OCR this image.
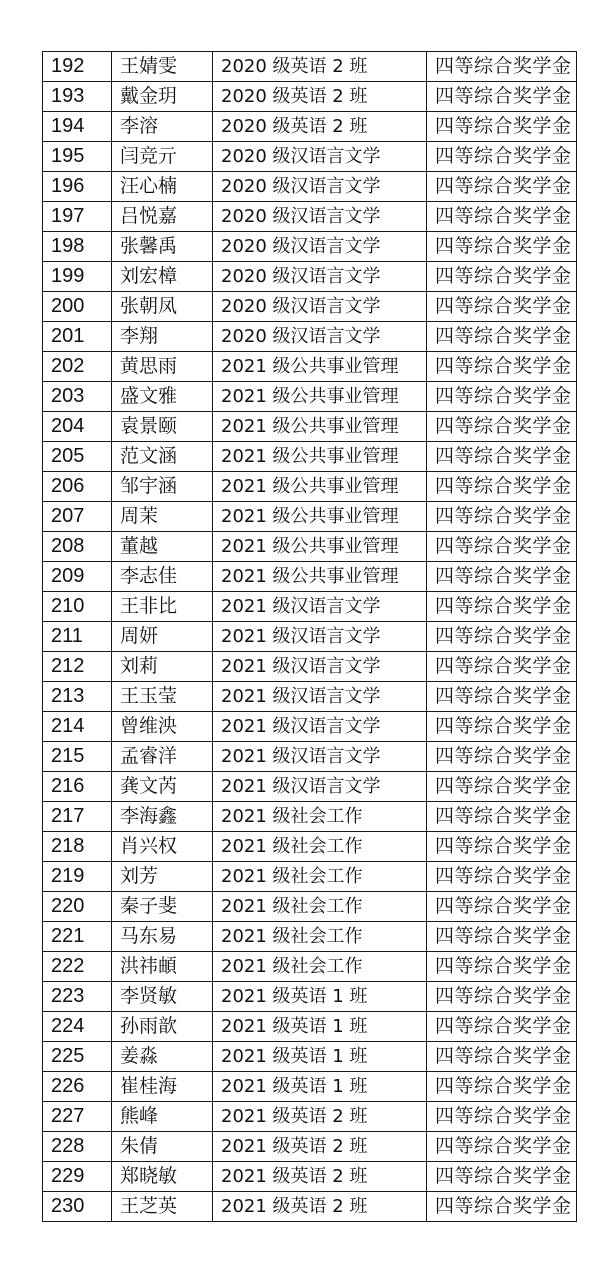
192	王婧雯	2020 级英语 2 班	四等综合奖学金
193	戴金玥	2020 级英语 2 班	四等综合奖学金
194	李溶	2020 级英语 2 班	四等综合奖学金
195	闫竞亓	2020 级汉语言文学	四等综合奖学金
196	汪心楠	2020 级汉语言文学	四等综合奖学金
197	吕悦嘉	2020 级汉语言文学	四等综合奖学金
198	张馨禹	2020 级汉语言文学	四等综合奖学金
199	刘宏樟	2020 级汉语言文学	四等综合奖学金
200	张朝凤	2020 级汉语言文学	四等综合奖学金
201	李翔	2020 级汉语言文学	四等综合奖学金
202	黄思雨	2021 级公共事业管理	四等综合奖学金
203	盛文雅	2021 级公共事业管理	四等综合奖学金
204	袁景颐	2021 级公共事业管理	四等综合奖学金
205	范文涵	2021 级公共事业管理	四等综合奖学金
206	邹宇涵	2021 级公共事业管理	四等综合奖学金
207	周茉	2021 级公共事业管理	四等综合奖学金
208	董越	2021 级公共事业管理	四等综合奖学金
209	李志佳	2021 级公共事业管理	四等综合奖学金
210	王非比	2021 级汉语言文学	四等综合奖学金
211	周妍	2021 级汉语言文学	四等综合奖学金
212	刘莉	2021 级汉语言文学	四等综合奖学金
213	王玉莹	2021 级汉语言文学	四等综合奖学金
214	曾维泱	2021 级汉语言文学	四等综合奖学金
215	孟睿洋	2021 级汉语言文学	四等综合奖学金
216	龚文芮	2021 级汉语言文学	四等综合奖学金
217	李海鑫	2021 级社会工作	四等综合奖学金
218	肖兴权	2021 级社会工作	四等综合奖学金
219	刘芳	2021 级社会工作	四等综合奖学金
220	秦子斐	2021 级社会工作	四等综合奖学金
221	马东易	2021 级社会工作	四等综合奖学金
222	洪祎頔	2021 级社会工作	四等综合奖学金
223	李贤敏	2021 级英语 1 班	四等综合奖学金
224	孙雨歆	2021 级英语 1 班	四等综合奖学金
225	姜淼	2021 级英语 1 班	四等综合奖学金
226	崔桂海	2021 级英语 1 班	四等综合奖学金
227	熊峰	2021 级英语 2 班	四等综合奖学金
228	朱倩	2021 级英语 2 班	四等综合奖学金
229	郑晓敏	2021 级英语 2 班	四等综合奖学金
230	王芝英	2021 级英语 2 班	四等综合奖学金
